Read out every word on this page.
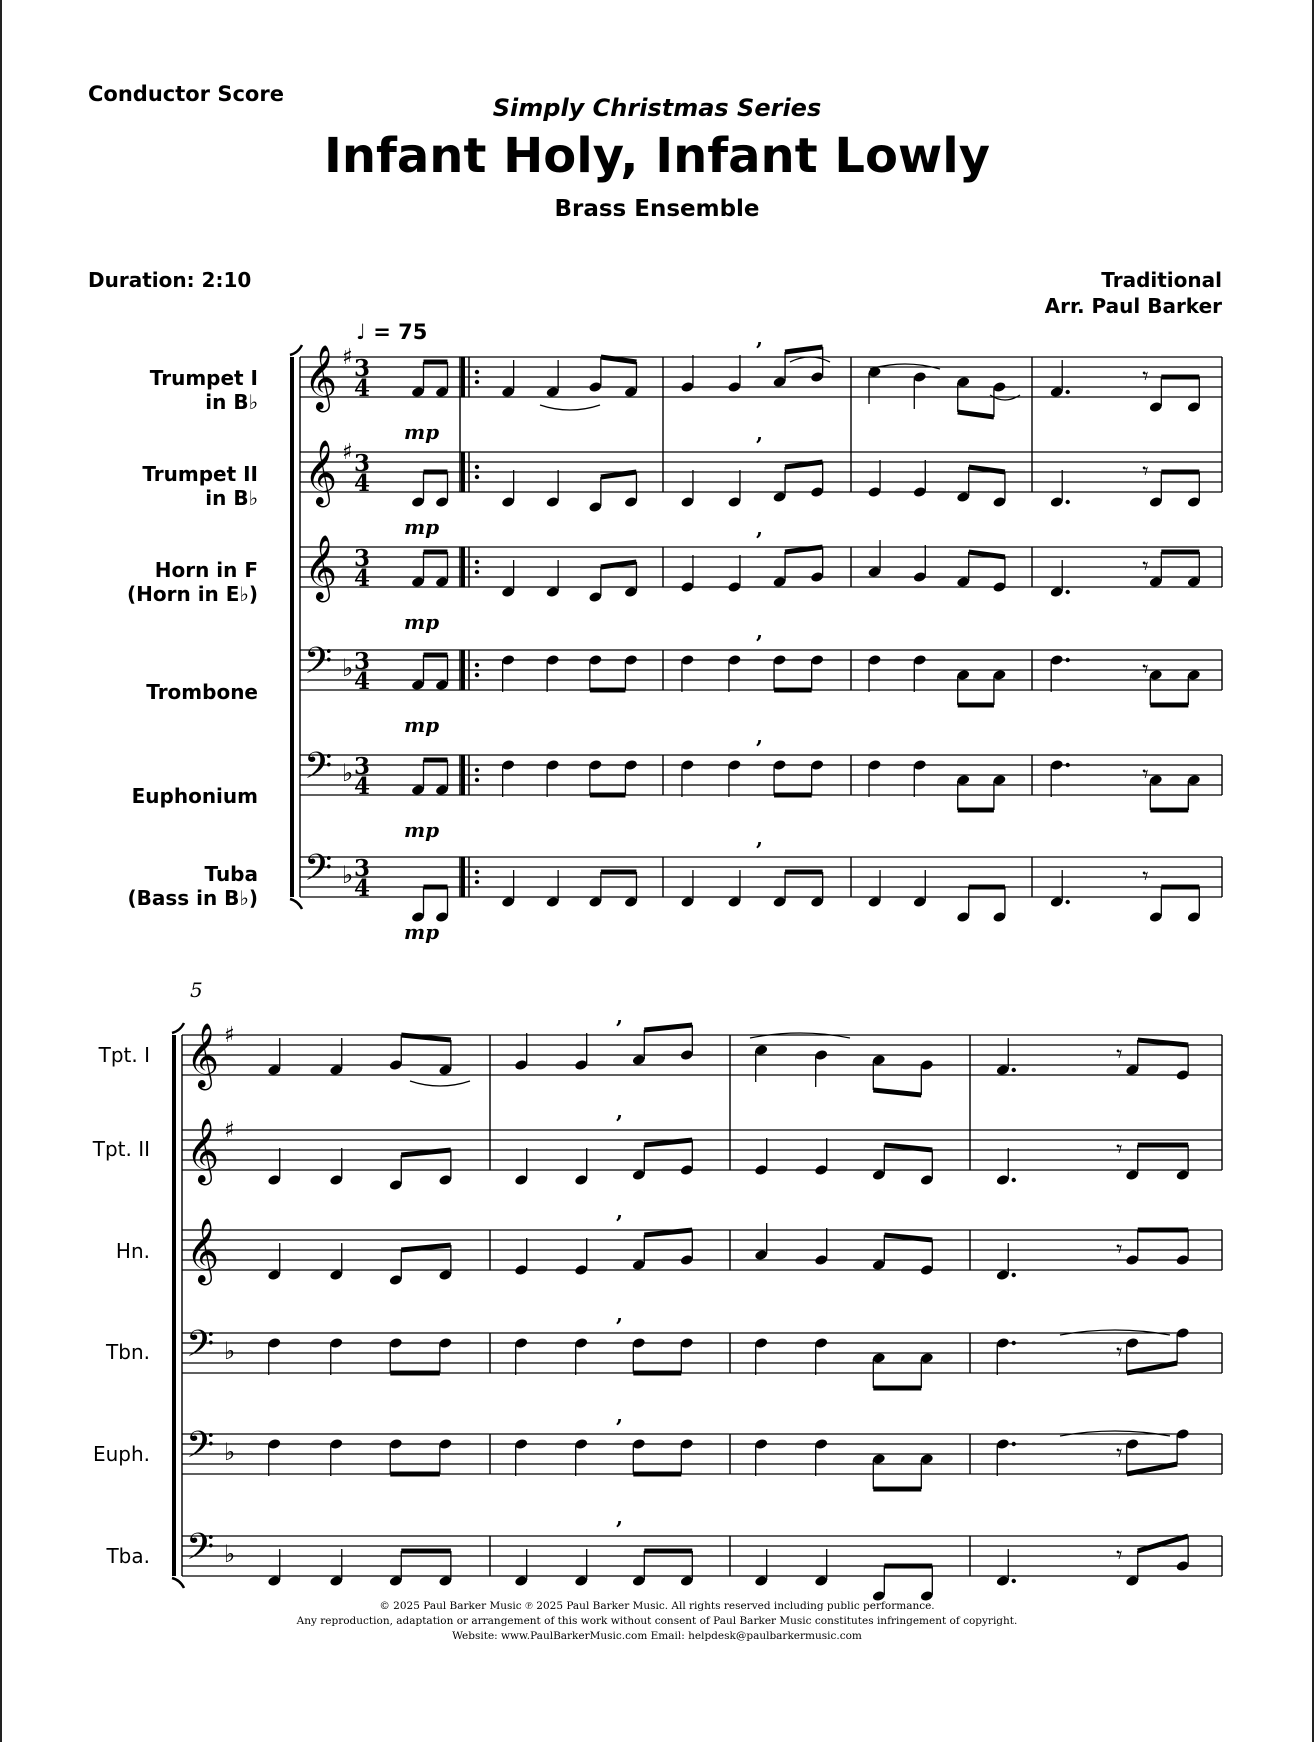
Conductor Score	Simply Christmas Series
Infant Holy, Infant Lowly
Brass Ensemble
Duration: 2:10	Traditional
Arr. Paul Barker
♩ = 75
Trumpet I
in B♭
Trumpet II
in B♭
Horn in F
(Horn in E♭)
Trombone
Euphonium
Tuba
(Bass in B♭)
Tpt. I
Tpt. II
Hn.
Tbn.
Euph.
Tba.
5
𝄞 ♯ 3
4
𝄞 ♯ 3
4
𝄞 3
4
𝄢 ♭ 3
4
𝄢 ♭ 3
4
𝄢 ♭ 3
4
mp
mp
mp
mp
mp
mp
𝄾
𝄾
𝄾
𝄾
𝄾
𝄾
,
,
,
,
,
,
𝄞 ♯
𝄞 ♯
𝄞
𝄢 ♭
𝄢 ♭
𝄢 ♭
𝄾
𝄾
𝄾
𝄾
𝄾
𝄾
,
,
,
,
,
,
© 2025 Paul Barker Music ℗ 2025 Paul Barker Music. All rights reserved including public performance.
Any reproduction, adaptation or arrangement of this work without consent of Paul Barker Music constitutes infringement of copyright.
Website: www.PaulBarkerMusic.com Email: helpdesk@paulbarkermusic.com
